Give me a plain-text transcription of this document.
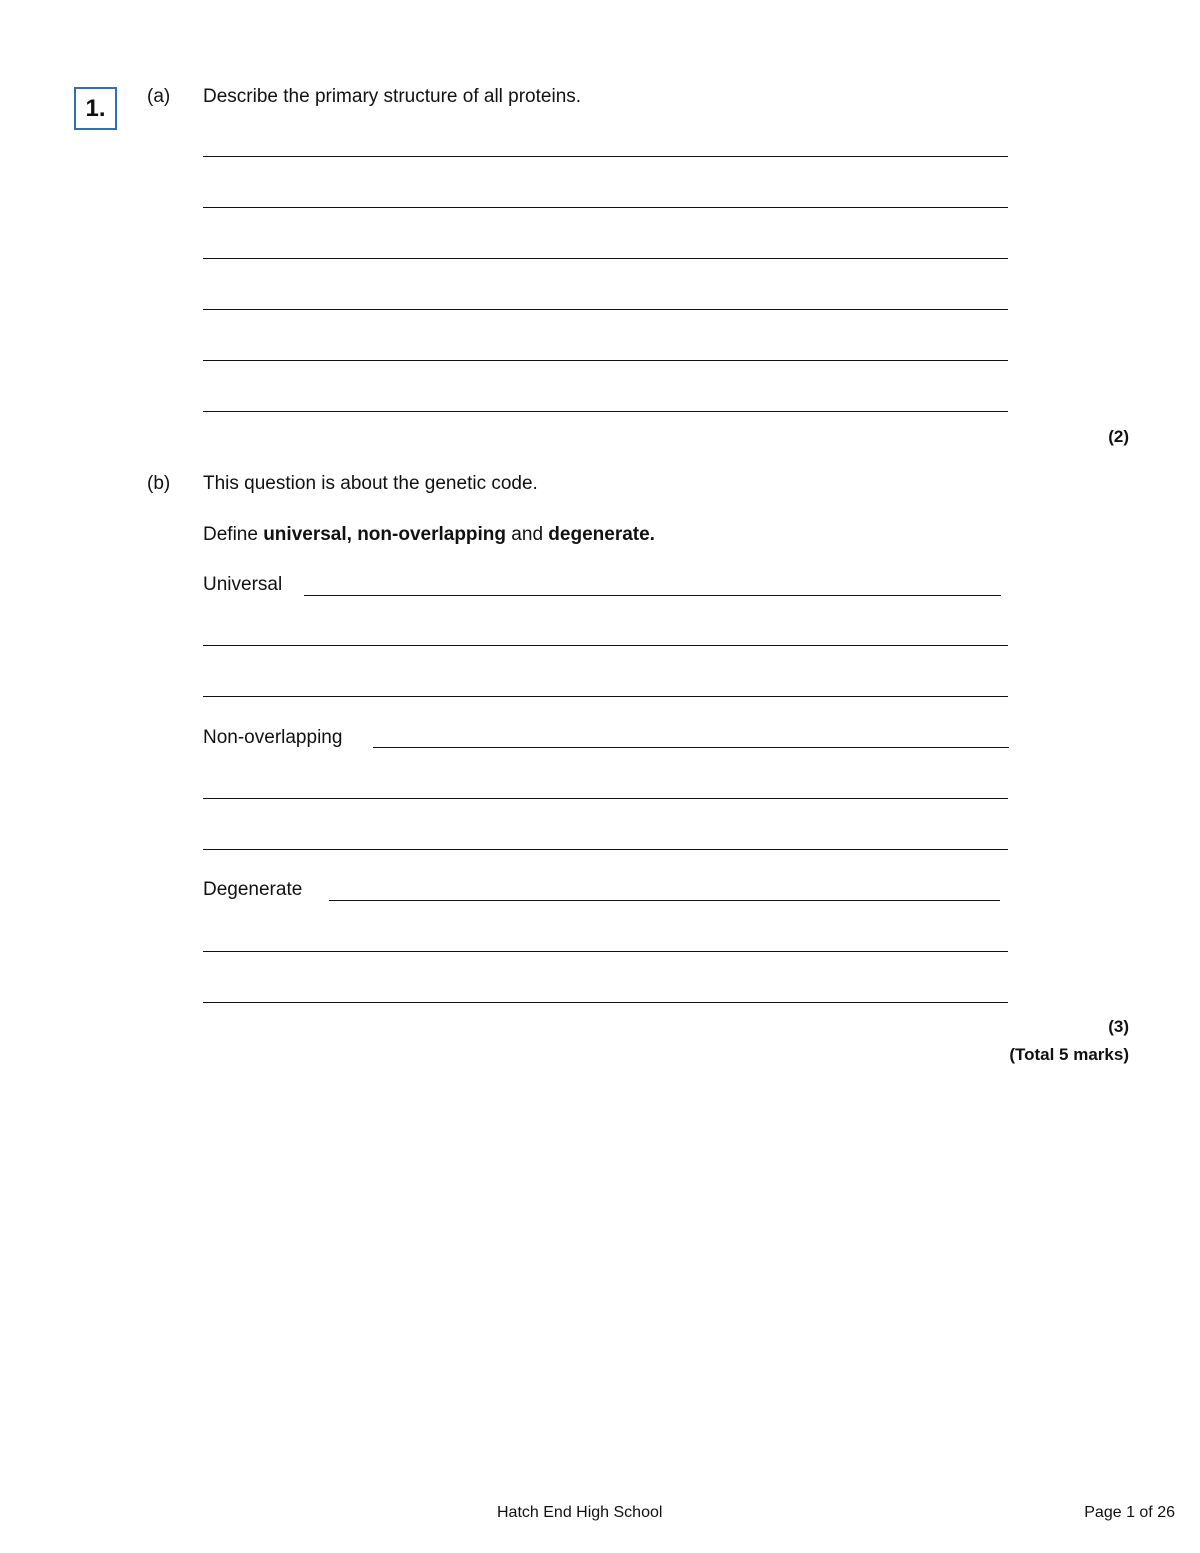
1.	(a) Describe the primary structure of all proteins.
(2)
(b) This question is about the genetic code.
Define universal, non-overlapping and degenerate.
Universal
Non-overlapping
Degenerate
(3)
(Total 5 marks)
Hatch End High School	Page 1 of 26
